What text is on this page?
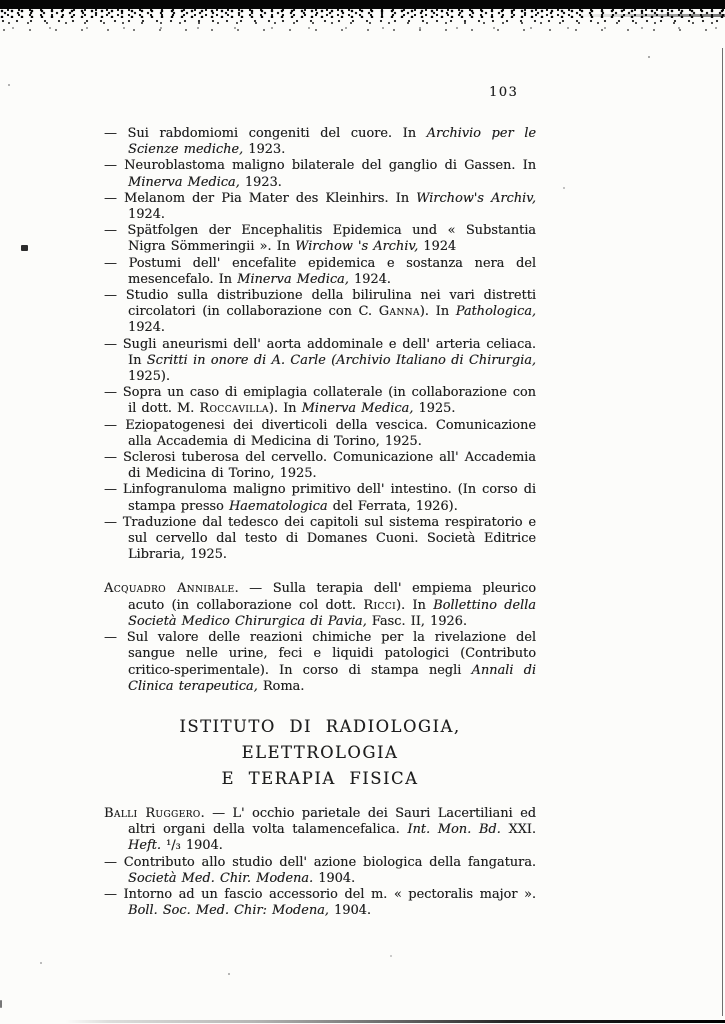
103

— Sui rabdomiomi congeniti del cuore. In Archivio per le Scienze mediche, 1923.

— Neuroblastoma maligno bilaterale del ganglio di Gassen. In Minerva Medica, 1923.

— Melanom der Pia Mater des Kleinhirs. In Wirchow's Archiv, 1924.

— Spätfolgen der Encephalitis Epidemica und « Substantia Nigra Sömmeringii ». In Wirchow 's Archiv, 1924

— Postumi dell' encefalite epidemica e sostanza nera del mesencefalo. In Minerva Medica, 1924.

— Studio sulla distribuzione della bilirulina nei vari distretti circolatori (in collaborazione con C. Ganna). In Pathologica, 1924.

— Sugli aneurismi dell' aorta addominale e dell' arteria celiaca. In Scritti in onore di A. Carle (Archivio Italiano di Chirurgia, 1925).

— Sopra un caso di emiplagia collaterale (in collaborazione con il dott. M. Roccavilla). In Minerva Medica, 1925.

— Eziopatogenesi dei diverticoli della vescica. Comunicazione alla Accademia di Medicina di Torino, 1925.

— Sclerosi tuberosa del cervello. Comunicazione all' Accademia di Medicina di Torino, 1925.

— Linfogranuloma maligno primitivo dell' intestino. (In corso di stampa presso Haematologica del Ferrata, 1926).

— Traduzione dal tedesco dei capitoli sul sistema respiratorio e sul cervello dal testo di Domanes Cuoni. Società Editrice Libraria, 1925.

Acquadro Annibale. — Sulla terapia dell' empiema pleurico acuto (in collaborazione col dott. Ricci). In Bollettino della Società Medico Chirurgica di Pavia, Fasc. II, 1926.

— Sul valore delle reazioni chimiche per la rivelazione del sangue nelle urine, feci e liquidi patologici (Contributo critico-sperimentale). In corso di stampa negli Annali di Clinica terapeutica, Roma.

ISTITUTO DI RADIOLOGIA, ELETTROLOGIA
E TERAPIA FISICA

Balli Ruggero. — L' occhio parietale dei Sauri Lacertiliani ed altri organi della volta talamencefalica. Int. Mon. Bd. XXI. Heft. ¹/₃ 1904.

— Contributo allo studio dell' azione biologica della fangatura. Società Med. Chir. Modena. 1904.

— Intorno ad un fascio accessorio del m. « pectoralis major ». Boll. Soc. Med. Chir: Modena, 1904.
